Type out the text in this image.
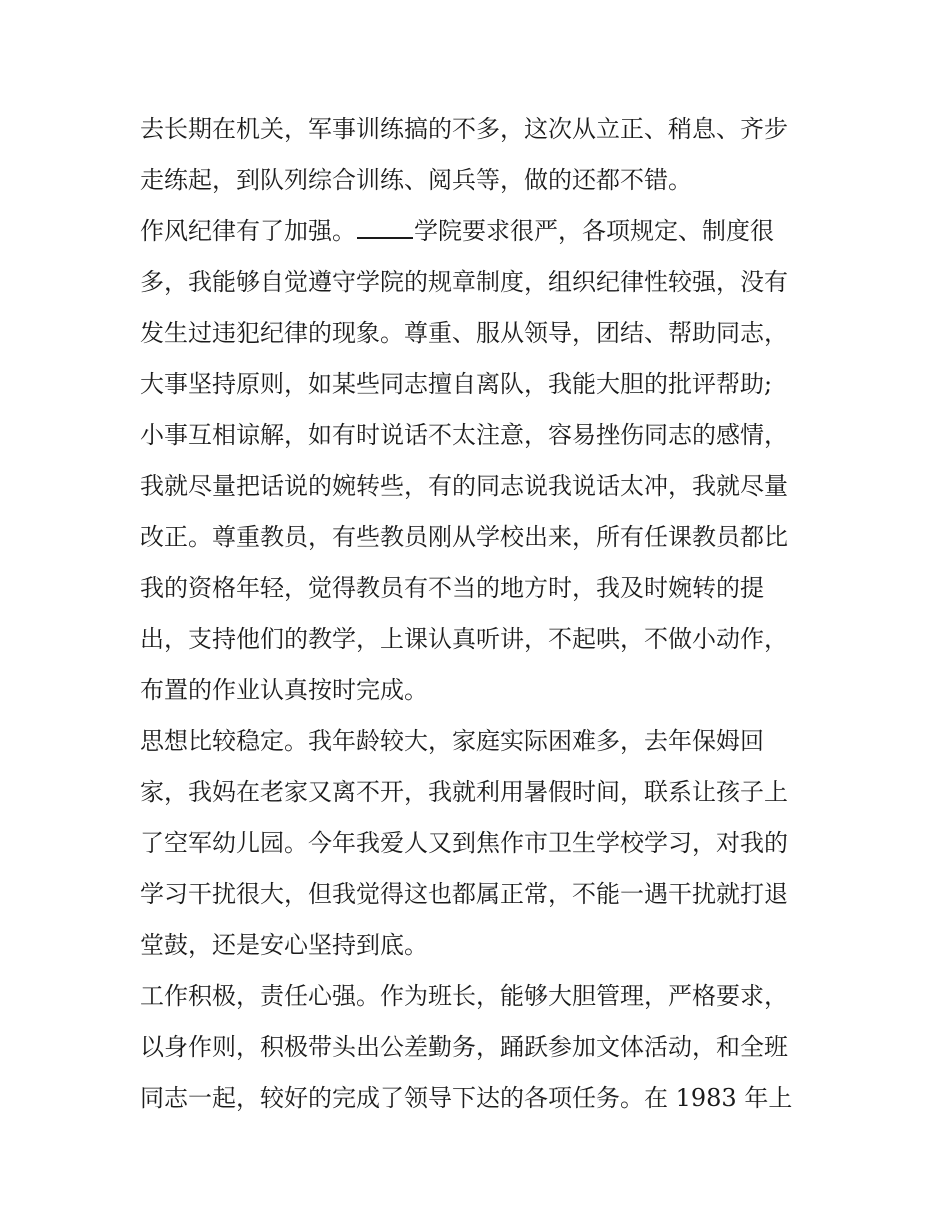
去长期在机关，军事训练搞的不多，这次从立正、稍息、齐步
走练起，到队列综合训练、阅兵等，做的还都不错。
作风纪律有了加强。 学院要求很严，各项规定、制度很
多，我能够自觉遵守学院的规章制度，组织纪律性较强，没有
发生过违犯纪律的现象。尊重、服从领导，团结、帮助同志，
大事坚持原则，如某些同志擅自离队，我能大胆的批评帮助;
小事互相谅解，如有时说话不太注意，容易挫伤同志的感情，
我就尽量把话说的婉转些，有的同志说我说话太冲，我就尽量
改正。尊重教员，有些教员刚从学校出来，所有任课教员都比
我的资格年轻，觉得教员有不当的地方时，我及时婉转的提
出，支持他们的教学，上课认真听讲，不起哄，不做小动作，
布置的作业认真按时完成。
思想比较稳定。我年龄较大，家庭实际困难多，去年保姆回
家，我妈在老家又离不开，我就利用暑假时间，联系让孩子上
了空军幼儿园。今年我爱人又到焦作市卫生学校学习，对我的
学习干扰很大，但我觉得这也都属正常，不能一遇干扰就打退
堂鼓，还是安心坚持到底。
工作积极，责任心强。作为班长，能够大胆管理，严格要求，
以身作则，积极带头出公差勤务，踊跃参加文体活动，和全班
同志一起，较好的完成了领导下达的各项任务。在 1983 年上
